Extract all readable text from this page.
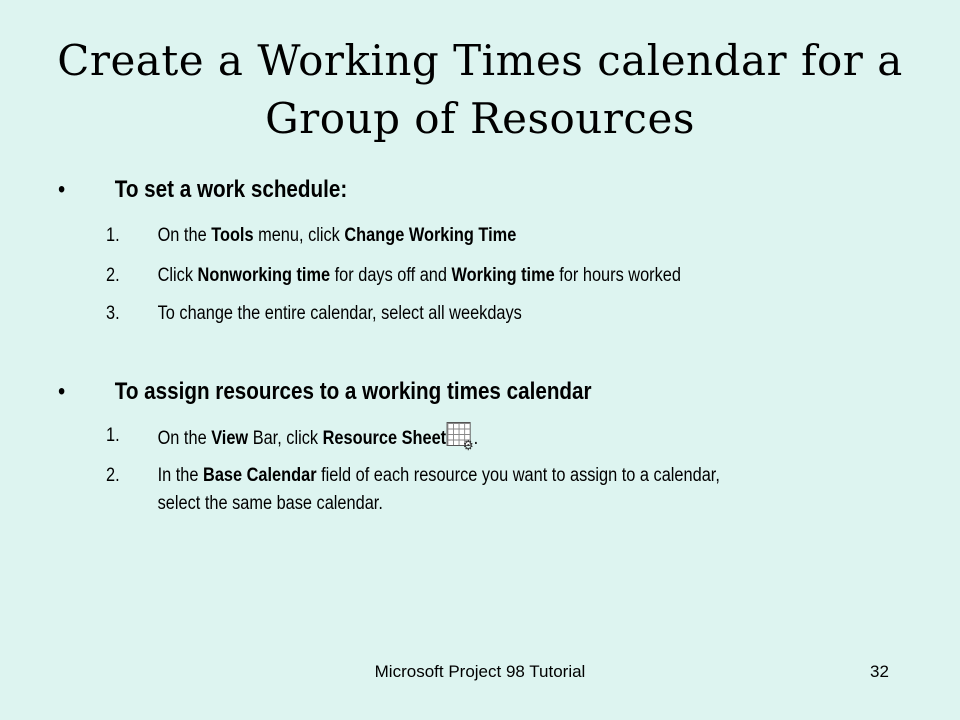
Create a Working Times calendar for a
Group of Resources
• To set a work schedule:
1. On the Tools menu, click Change Working Time
2. Click Nonworking time for days off and Working time for hours worked
3. To change the entire calendar, select all weekdays
• To assign resources to a working times calendar
1. On the View Bar, click Resource Sheet ⚙ .
2. In the Base Calendar field of each resource you want to assign to a calendar,
select the same base calendar.
Microsoft Project 98 Tutorial	32
